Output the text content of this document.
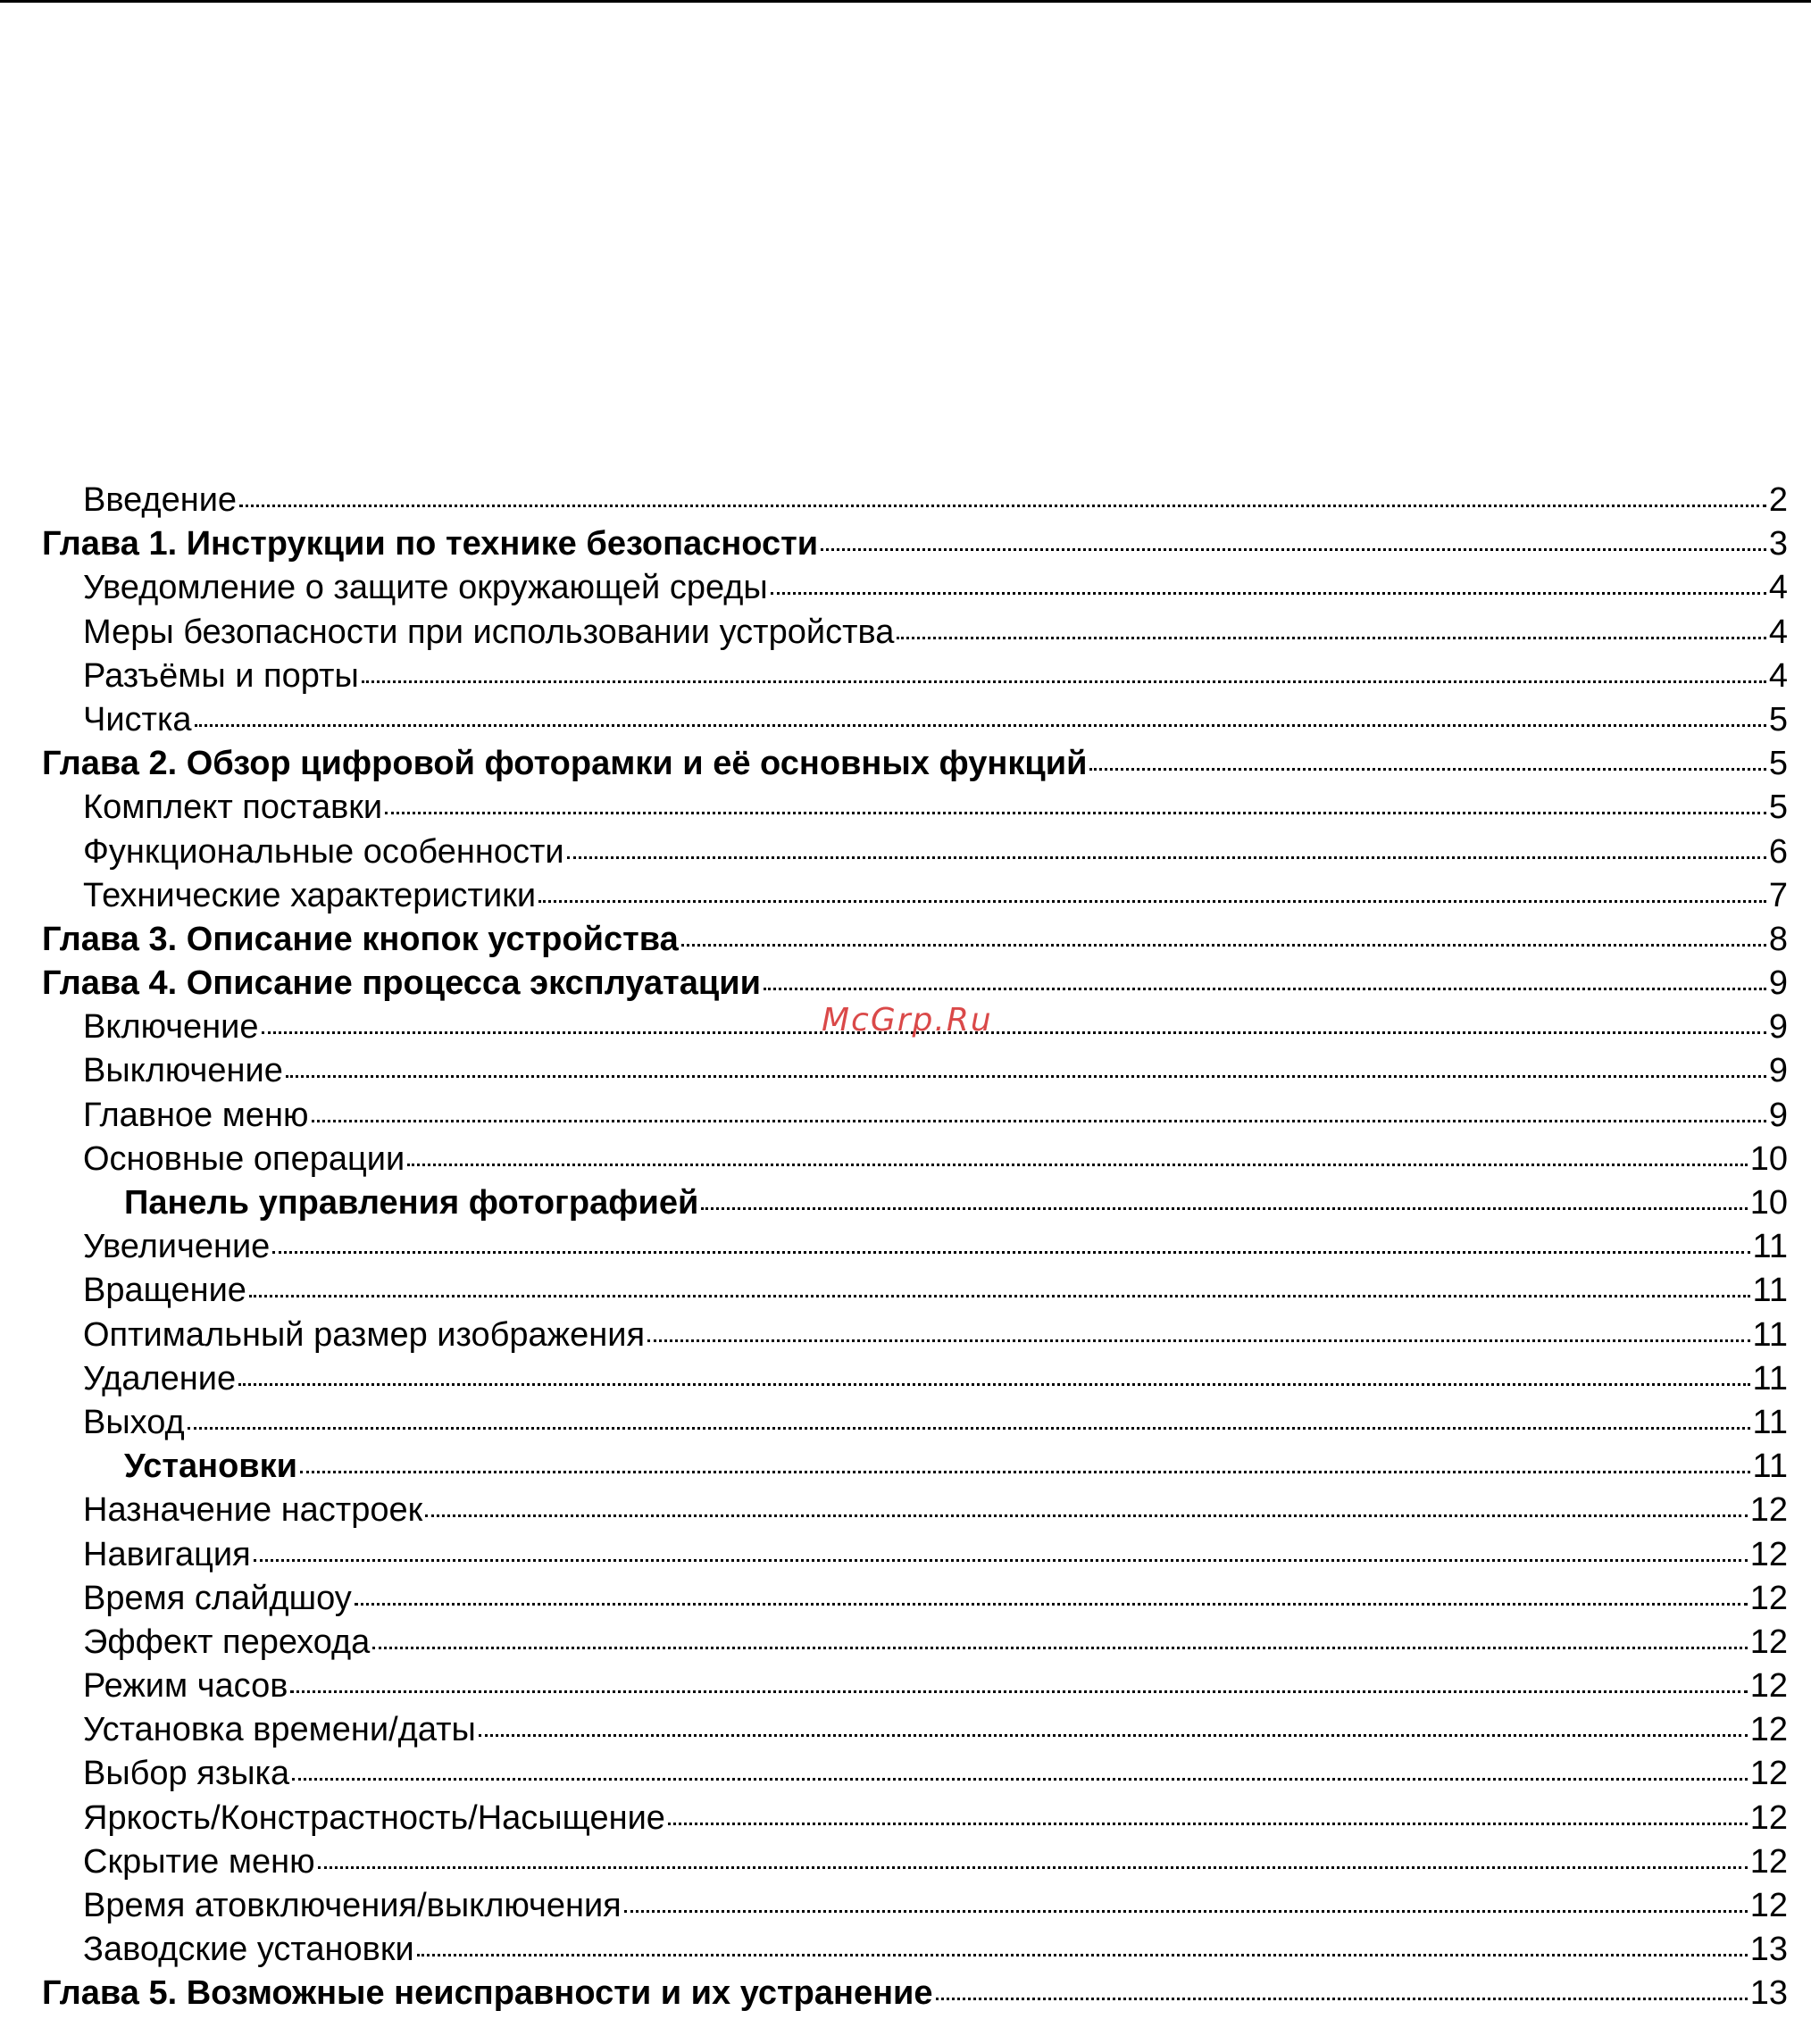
Введение	2
Глава 1. Инструкции по технике безопасности	3
Уведомление о защите окружающей среды	4
Меры безопасности при использовании устройства	4
Разъёмы и порты	4
Чистка	5
Глава 2. Обзор цифровой фоторамки и её основных функций	5
Комплект поставки	5
Функциональные особенности	6
Технические характеристики	7
Глава 3. Описание кнопок устройства	8
Глава 4. Описание процесса эксплуатации	9
Включение	9
Выключение	9
Главное меню	9
Основные операции	10
Панель управления фотографией	10
Увеличение	11
Вращение	11
Оптимальный размер изображения	11
Удаление	11
Выход	11
Установки	11
Назначение настроек	12
Навигация	12
Время слайдшоу	12
Эффект перехода	12
Режим часов	12
Установка времени/даты	12
Выбор языка	12
Яркость/Констрастность/Насыщение	12
Скрытие меню	12
Время атовключения/выключения	12
Заводские установки	13
Глава 5. Возможные неисправности и их устранение	13
McGrp.Ru
